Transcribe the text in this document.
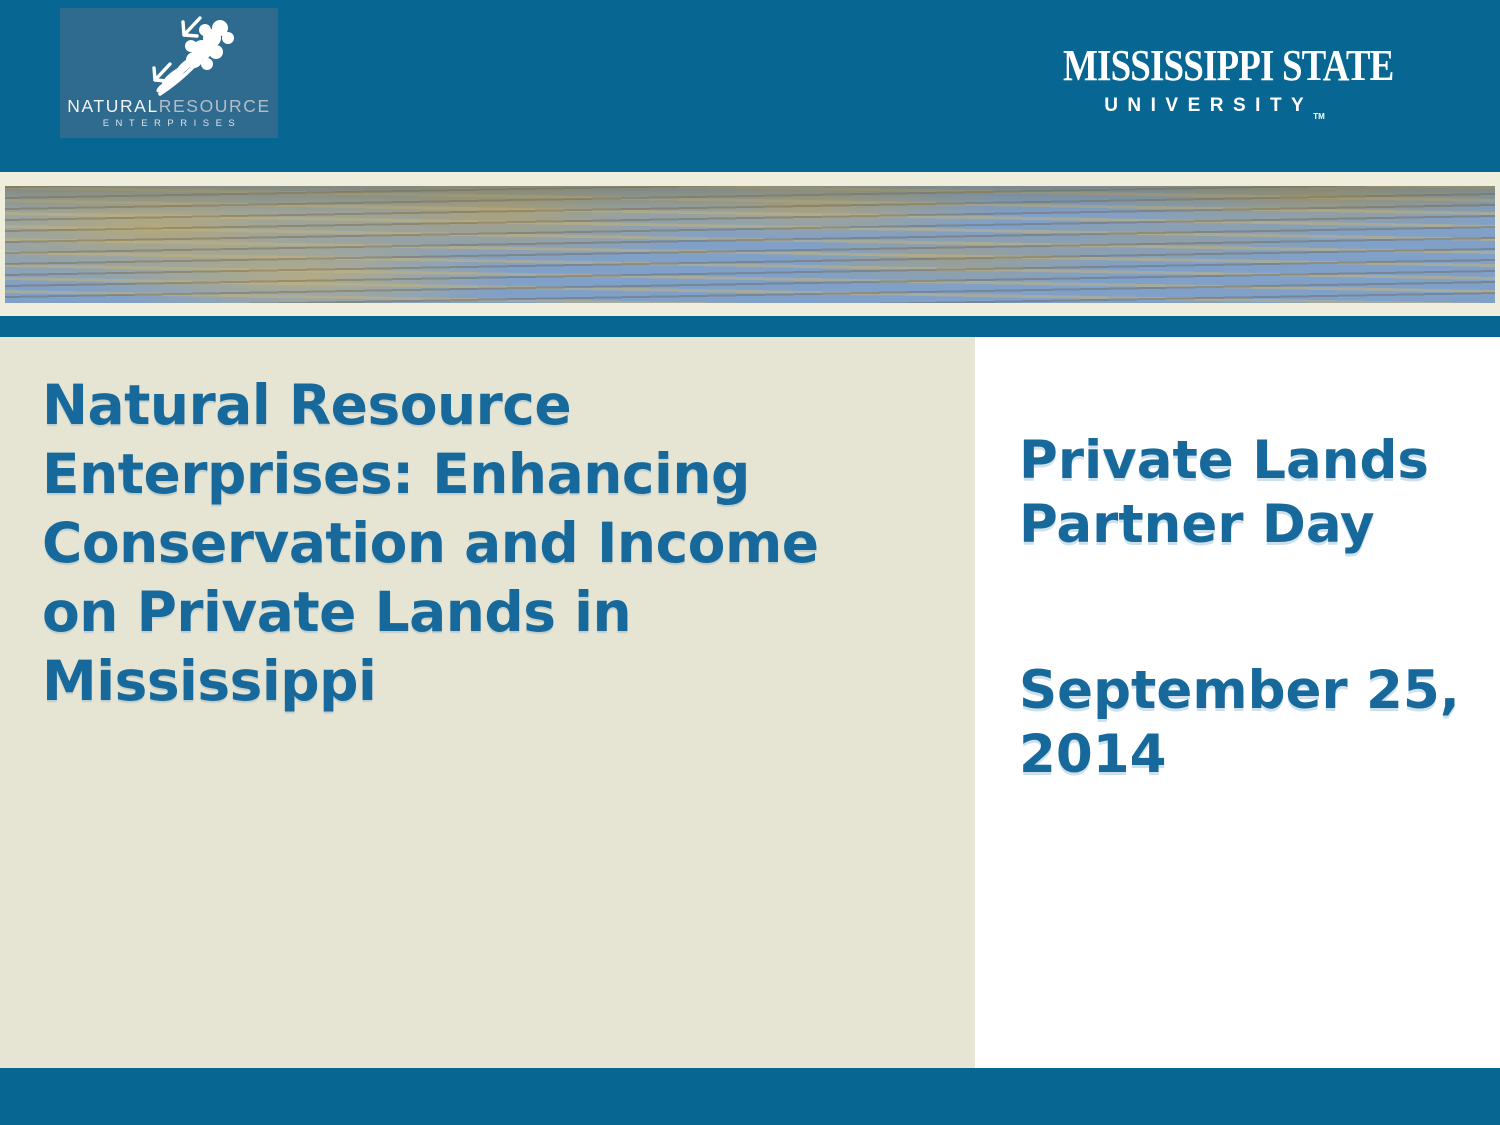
NATURALRESOURCE
ENTERPRISES
MISSISSIPPI STATE
$UNIVERSITY_{TM}$
Natural Resource
Enterprises: Enhancing
Conservation and Income
on Private Lands in
Mississippi
Private Lands
Partner Day
September 25,
2014
